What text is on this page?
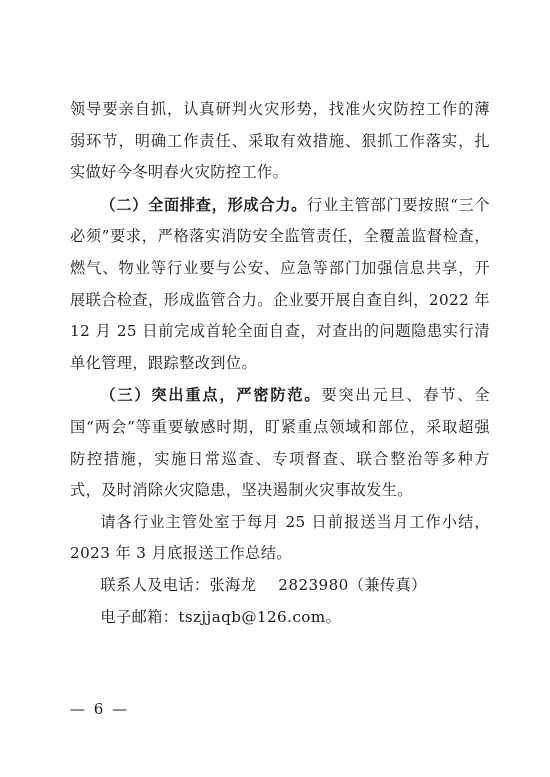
领导要亲自抓，认真研判火灾形势，找准火灾防控工作的薄弱环节，明确工作责任、采取有效措施、狠抓工作落实，扎实做好今冬明春火灾防控工作。

（二）全面排查，形成合力。行业主管部门要按照“三个必须”要求，严格落实消防安全监管责任，全覆盖监督检查，燃气、物业等行业要与公安、应急等部门加强信息共享，开展联合检查，形成监管合力。企业要开展自查自纠，2022 年 12 月 25 日前完成首轮全面自查，对查出的问题隐患实行清单化管理，跟踪整改到位。

（三）突出重点，严密防范。要突出元旦、春节、全国“两会”等重要敏感时期，盯紧重点领域和部位，采取超强防控措施，实施日常巡查、专项督查、联合整治等多种方式，及时消除火灾隐患，坚决遏制火灾事故发生。

请各行业主管处室于每月 25 日前报送当月工作小结，2023 年 3 月底报送工作总结。

联系人及电话：张海龙 2823980（兼传真）

电子邮箱：tszjjaqb@126.com。

— 6 —
